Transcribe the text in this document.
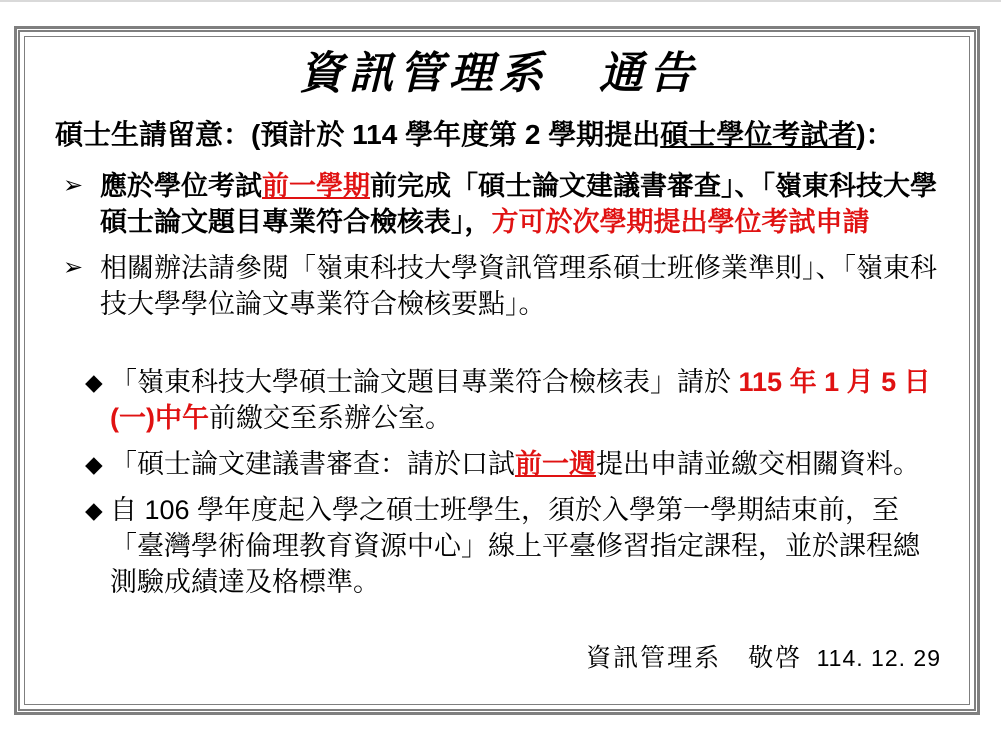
資訊管理系　通告

碩士生請留意：(預計於 114 學年度第 2 學期提出碩士學位考試者)：

➢ 應於學位考試前一學期前完成「碩士論文建議書審查」、「嶺東科技大學碩士論文題目專業符合檢核表」，方可於次學期提出學位考試申請
➢ 相關辦法請參閱「嶺東科技大學資訊管理系碩士班修業準則」、「嶺東科技大學學位論文專業符合檢核要點」。
◆ 「嶺東科技大學碩士論文題目專業符合檢核表」請於 115 年 1 月 5 日(一)中午前繳交至系辦公室。
◆ 「碩士論文建議書審查：請於口試前一週提出申請並繳交相關資料。
◆ 自 106 學年度起入學之碩士班學生，須於入學第一學期結束前，至「臺灣學術倫理教育資源中心」線上平臺修習指定課程，並於課程總測驗成績達及格標準。
資訊管理系　敬啓 114. 12. 29
